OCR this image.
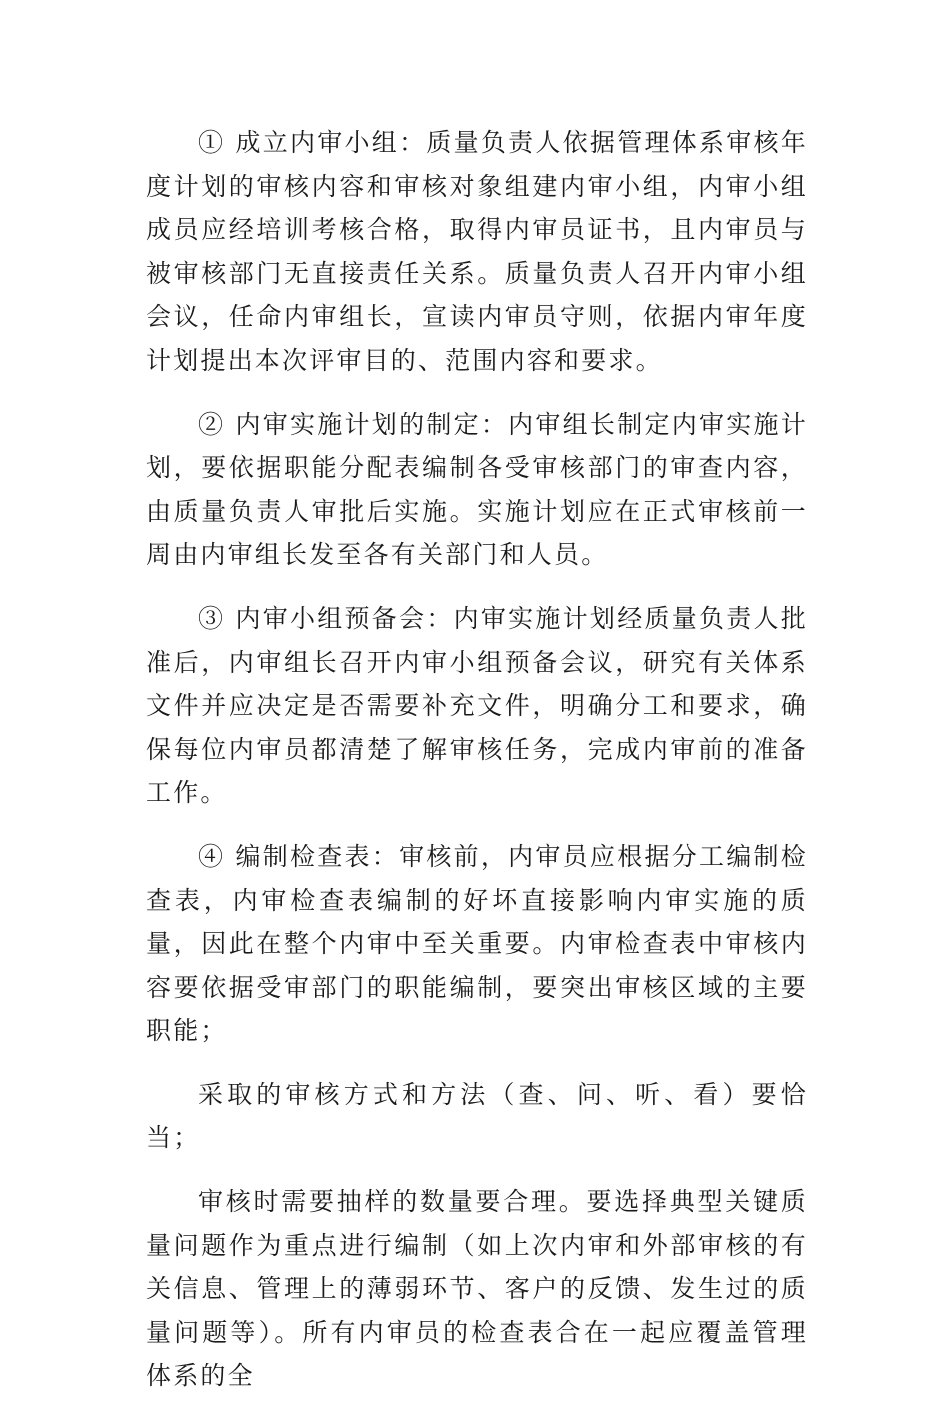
① 成立内审小组：质量负责人依据管理体系审核年度计划的审核内容和审核对象组建内审小组，内审小组成员应经培训考核合格，取得内审员证书，且内审员与被审核部门无直接责任关系。质量负责人召开内审小组会议，任命内审组长，宣读内审员守则，依据内审年度计划提出本次评审目的、范围内容和要求。

② 内审实施计划的制定：内审组长制定内审实施计划，要依据职能分配表编制各受审核部门的审查内容，由质量负责人审批后实施。实施计划应在正式审核前一周由内审组长发至各有关部门和人员。

③ 内审小组预备会：内审实施计划经质量负责人批准后，内审组长召开内审小组预备会议，研究有关体系文件并应决定是否需要补充文件，明确分工和要求，确保每位内审员都清楚了解审核任务，完成内审前的准备工作。

④ 编制检查表：审核前，内审员应根据分工编制检查表，内审检查表编制的好坏直接影响内审实施的质量，因此在整个内审中至关重要。内审检查表中审核内容要依据受审部门的职能编制，要突出审核区域的主要职能；

采取的审核方式和方法（查、问、听、看）要恰当；

审核时需要抽样的数量要合理。要选择典型关键质量问题作为重点进行编制（如上次内审和外部审核的有关信息、管理上的薄弱环节、客户的反馈、发生过的质量问题等）。所有内审员的检查表合在一起应覆盖管理体系的全
